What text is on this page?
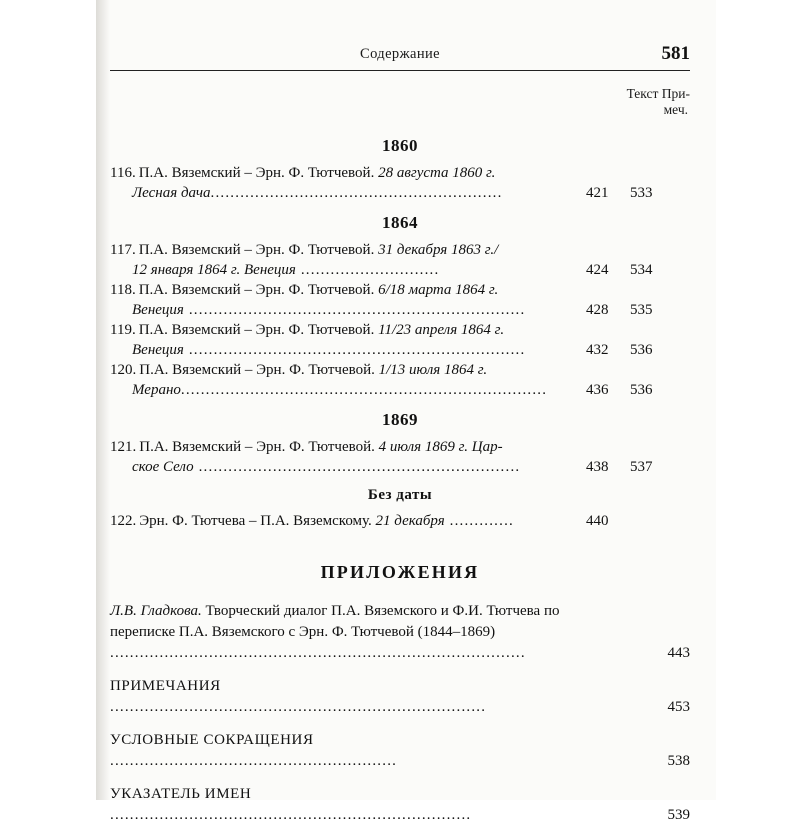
Содержание	581
Текст При-
меч.
1860
116. П.А. Вяземский – Эрн. Ф. Тютчевой. 28 августа 1860 г.
Лесная дача...........................................................	421 533
1864
117. П.А. Вяземский – Эрн. Ф. Тютчевой. 31 декабря 1863 г./
12 января 1864 г. Венеция ............................	424 534
118. П.А. Вяземский – Эрн. Ф. Тютчевой. 6/18 марта 1864 г.
Венеция ....................................................................	428 535
119. П.А. Вяземский – Эрн. Ф. Тютчевой. 11/23 апреля 1864 г.
Венеция ....................................................................	432 536
120. П.А. Вяземский – Эрн. Ф. Тютчевой. 1/13 июля 1864 г.
Мерано..........................................................................	436 536
1869
121. П.А. Вяземский – Эрн. Ф. Тютчевой. 4 июля 1869 г. Цар-
ское Село .................................................................	438 537
Без даты
122. Эрн. Ф. Тютчева – П.А. Вяземскому. 21 декабря .............	440
ПРИЛОЖЕНИЯ
Л.В. Гладкова. Творческий диалог П.А. Вяземского и Ф.И. Тютчева по переписке П.А. Вяземского с Эрн. Ф. Тютчевой (1844–1869) ....................................................................................	443
ПРИМЕЧАНИЯ ............................................................................	453
УСЛОВНЫЕ СОКРАЩЕНИЯ ..........................................................	538
УКАЗАТЕЛЬ ИМЕН .........................................................................	539
